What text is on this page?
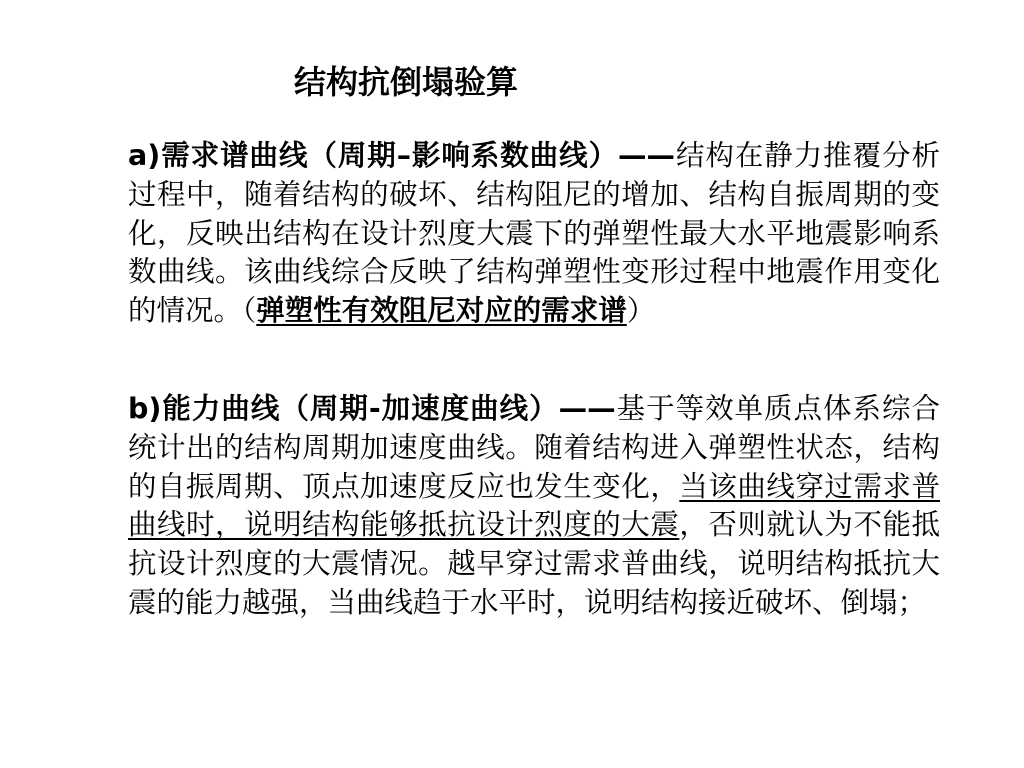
结构抗倒塌验算
a)需求谱曲线（周期–影响系数曲线）——结构在静力推覆分析过程中，随着结构的破坏、结构阻尼的增加、结构自振周期的变化，反映出结构在设计烈度大震下的弹塑性最大水平地震影响系数曲线。该曲线综合反映了结构弹塑性变形过程中地震作用变化的情况。（弹塑性有效阻尼对应的需求谱）
b)能力曲线（周期-加速度曲线）——基于等效单质点体系综合统计出的结构周期加速度曲线。随着结构进入弹塑性状态，结构的自振周期、顶点加速度反应也发生变化，当该曲线穿过需求普曲线时，说明结构能够抵抗设计烈度的大震，否则就认为不能抵抗设计烈度的大震情况。越早穿过需求普曲线，说明结构抵抗大震的能力越强，当曲线趋于水平时，说明结构接近破坏、倒塌；
